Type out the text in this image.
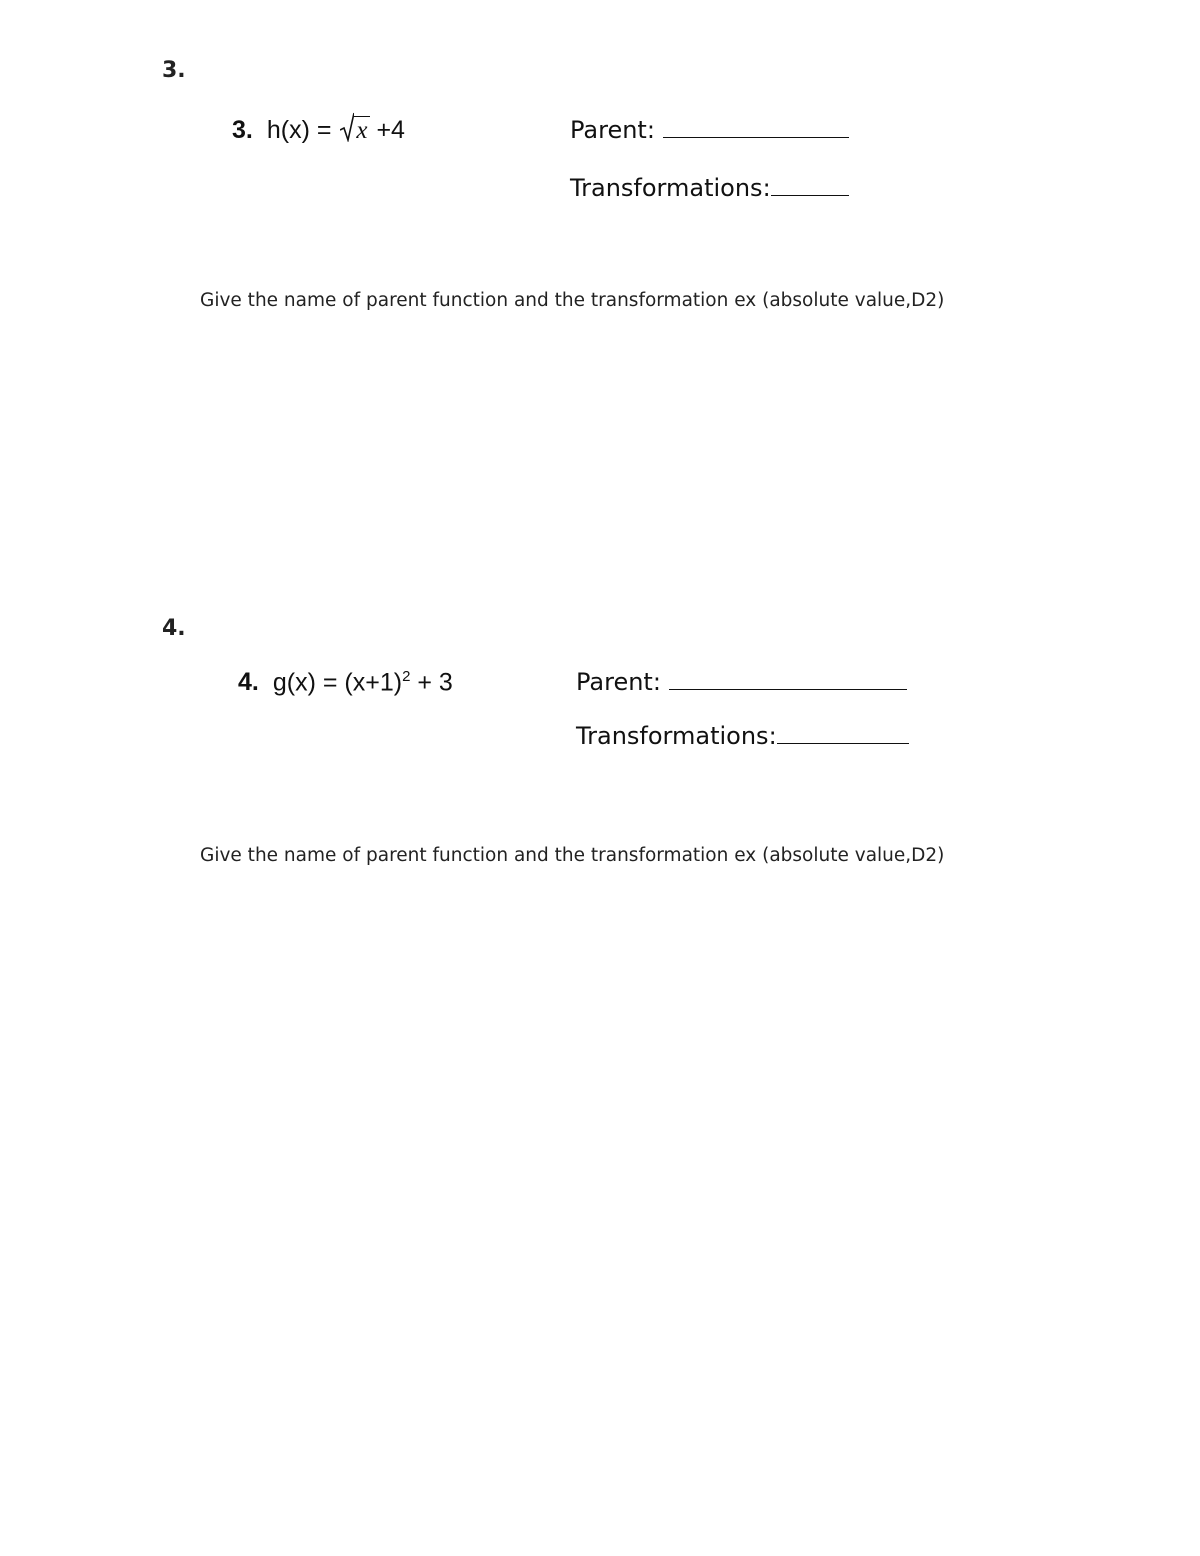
3.
3. h(x) =
x +4	Parent:
Transformations:
Give the name of parent function and the transformation ex (absolute value,D2)
4.
4. $g(x) = (x+1)^2 + 3$	Parent:
Transformations:
Give the name of parent function and the transformation ex (absolute value,D2)
